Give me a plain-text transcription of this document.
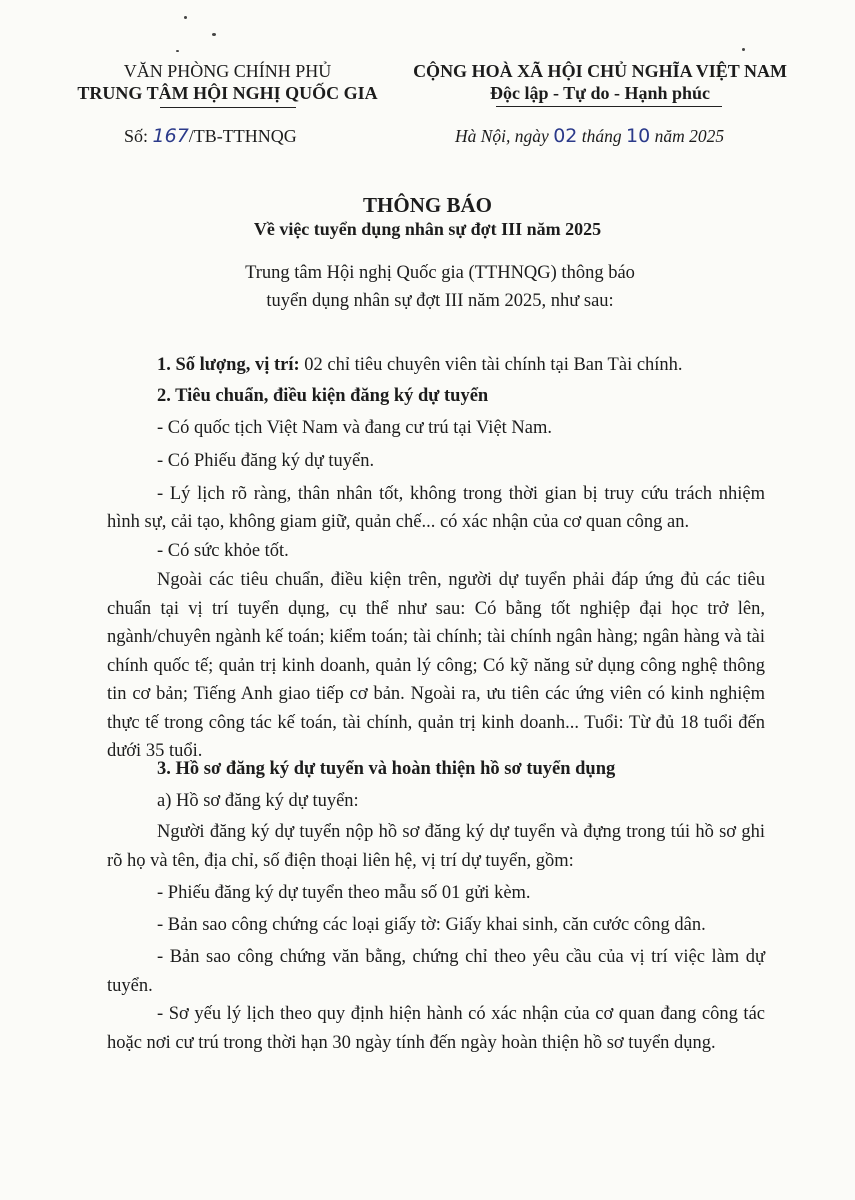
VĂN PHÒNG CHÍNH PHỦ
TRUNG TÂM HỘI NGHỊ QUỐC GIA
CỘNG HOÀ XÃ HỘI CHỦ NGHĨA VIỆT NAM
Độc lập - Tự do - Hạnh phúc
Số: 167/TB-TTHNQG	Hà Nội, ngày 02 tháng 10 năm 2025
THÔNG BÁO
Về việc tuyển dụng nhân sự đợt III năm 2025
Trung tâm Hội nghị Quốc gia (TTHNQG) thông báo tuyển dụng nhân sự đợt III năm 2025, như sau:
1. Số lượng, vị trí: 02 chỉ tiêu chuyên viên tài chính tại Ban Tài chính.
2. Tiêu chuẩn, điều kiện đăng ký dự tuyển
- Có quốc tịch Việt Nam và đang cư trú tại Việt Nam.
- Có Phiếu đăng ký dự tuyển.
- Lý lịch rõ ràng, thân nhân tốt, không trong thời gian bị truy cứu trách nhiệm hình sự, cải tạo, không giam giữ, quản chế... có xác nhận của cơ quan công an.
- Có sức khỏe tốt.
Ngoài các tiêu chuẩn, điều kiện trên, người dự tuyển phải đáp ứng đủ các tiêu chuẩn tại vị trí tuyển dụng, cụ thể như sau: Có bằng tốt nghiệp đại học trở lên, ngành/chuyên ngành kế toán; kiểm toán; tài chính; tài chính ngân hàng; ngân hàng và tài chính quốc tế; quản trị kinh doanh, quản lý công; Có kỹ năng sử dụng công nghệ thông tin cơ bản; Tiếng Anh giao tiếp cơ bản. Ngoài ra, ưu tiên các ứng viên có kinh nghiệm thực tế trong công tác kế toán, tài chính, quản trị kinh doanh... Tuổi: Từ đủ 18 tuổi đến dưới 35 tuổi.
3. Hồ sơ đăng ký dự tuyển và hoàn thiện hồ sơ tuyển dụng
a) Hồ sơ đăng ký dự tuyển:
Người đăng ký dự tuyển nộp hồ sơ đăng ký dự tuyển và đựng trong túi hồ sơ ghi rõ họ và tên, địa chỉ, số điện thoại liên hệ, vị trí dự tuyển, gồm:
- Phiếu đăng ký dự tuyển theo mẫu số 01 gửi kèm.
- Bản sao công chứng các loại giấy tờ: Giấy khai sinh, căn cước công dân.
- Bản sao công chứng văn bằng, chứng chỉ theo yêu cầu của vị trí việc làm dự tuyển.
- Sơ yếu lý lịch theo quy định hiện hành có xác nhận của cơ quan đang công tác hoặc nơi cư trú trong thời hạn 30 ngày tính đến ngày hoàn thiện hồ sơ tuyển dụng.
